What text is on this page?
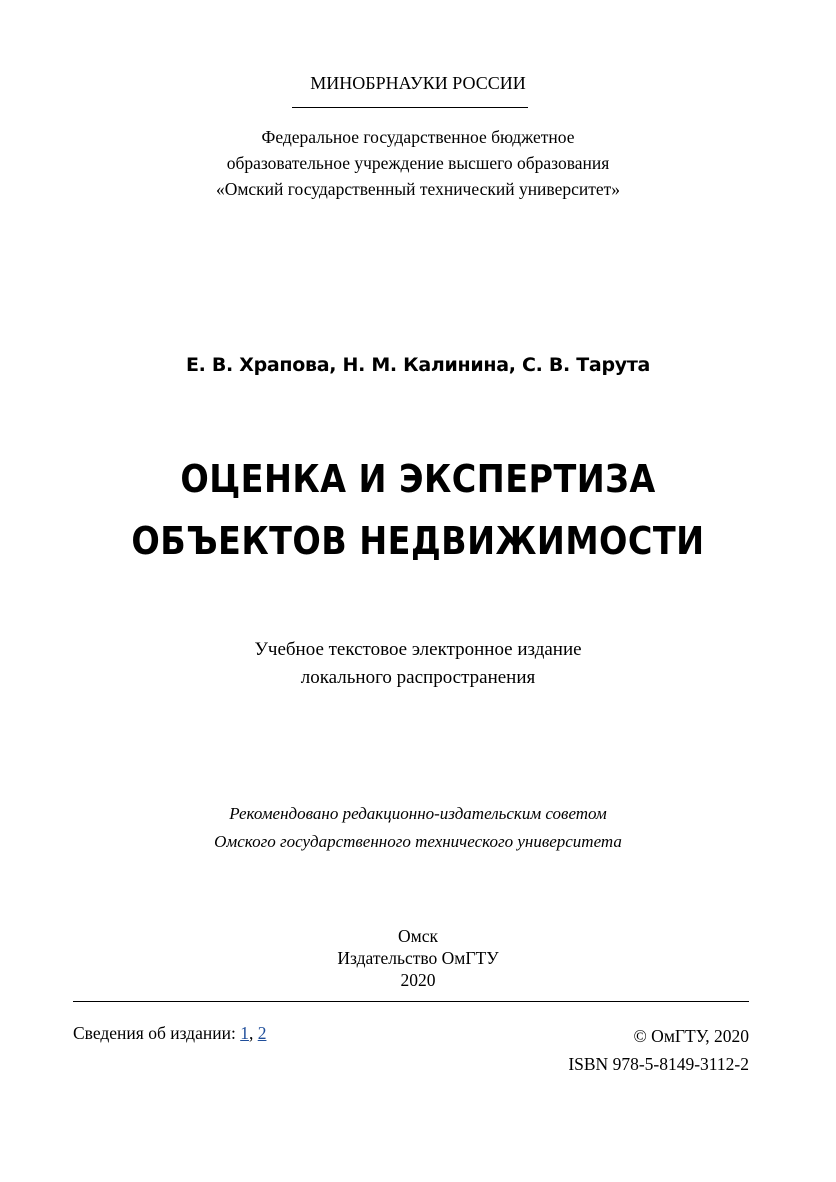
МИНОБРНАУКИ РОССИИ
Федеральное государственное бюджетное
образовательное учреждение высшего образования
«Омский государственный технический университет»
Е. В. Храпова, Н. М. Калинина, С. В. Тарута
ОЦЕНКА И ЭКСПЕРТИЗА
ОБЪЕКТОВ НЕДВИЖИМОСТИ
Учебное текстовое электронное издание
локального распространения
Рекомендовано редакционно-издательским советом
Омского государственного технического университета
Омск
Издательство ОмГТУ
2020
Сведения об издании: 1, 2	© ОмГТУ, 2020
ISBN 978-5-8149-3112-2
